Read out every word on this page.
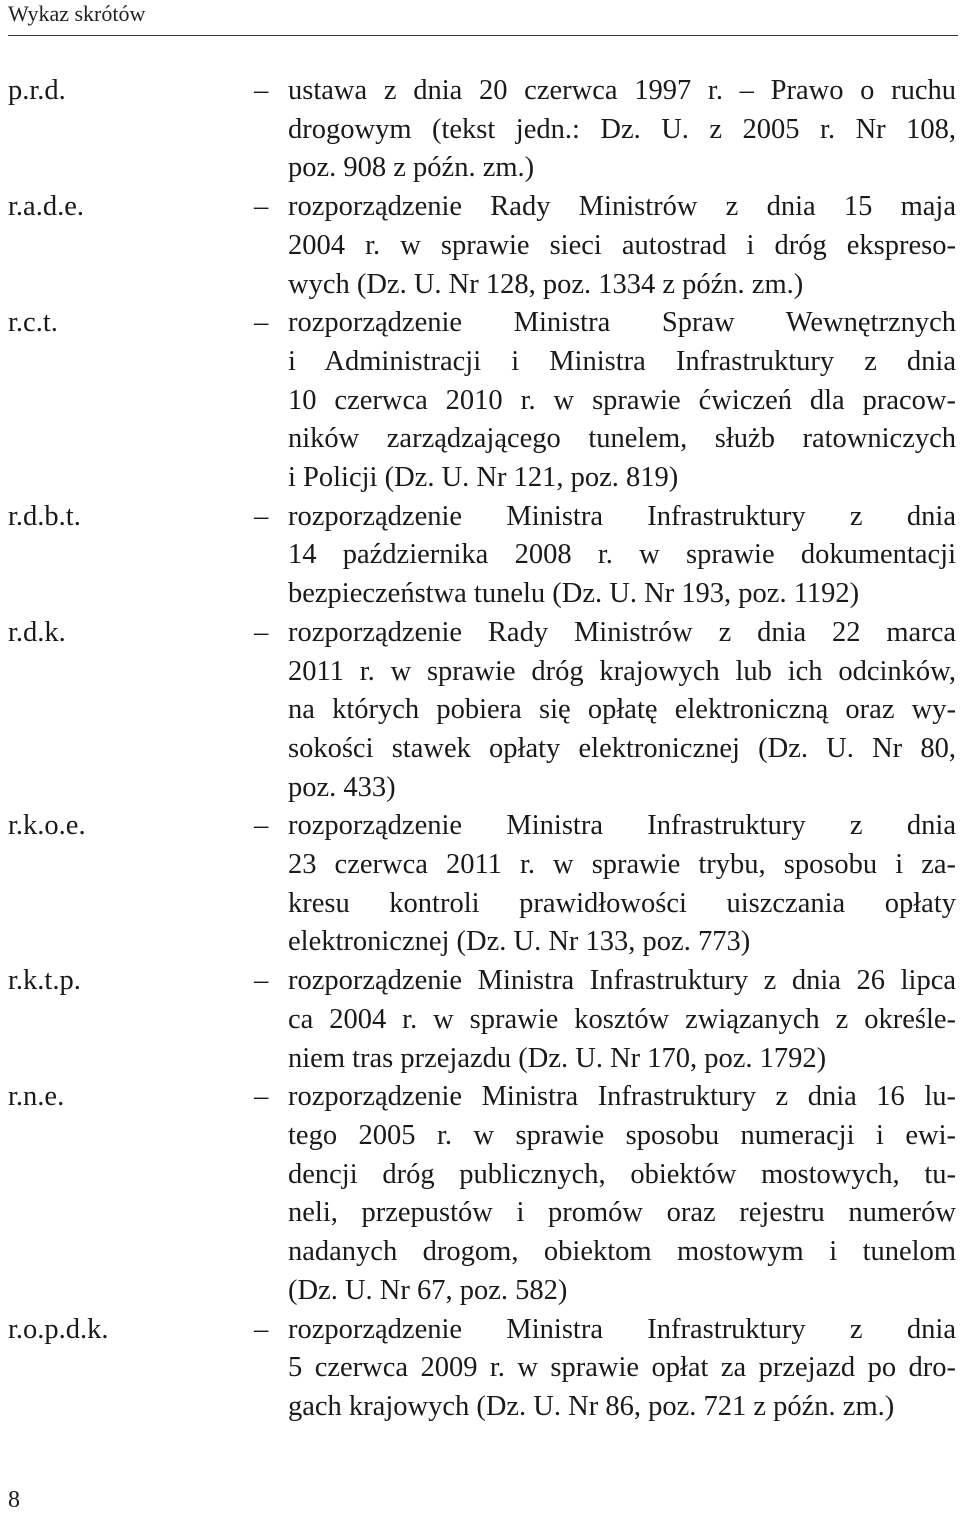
Wykaz skrótów
p.r.d.	– ustawa z dnia 20 czerwca 1997 r. – Prawo o ruchu
drogowym (tekst jedn.: Dz. U. z 2005 r. Nr 108,
poz. 908 z późn. zm.)
r.a.d.e.	– rozporządzenie Rady Ministrów z dnia 15 maja
2004 r. w sprawie sieci autostrad i dróg ekspreso-
wych (Dz. U. Nr 128, poz. 1334 z późn. zm.)
r.c.t.	– rozporządzenie Ministra Spraw Wewnętrznych
i Administracji i Ministra Infrastruktury z dnia
10 czerwca 2010 r. w sprawie ćwiczeń dla pracow-
ników zarządzającego tunelem, służb ratowniczych
i Policji (Dz. U. Nr 121, poz. 819)
r.d.b.t.	– rozporządzenie Ministra Infrastruktury z dnia
14 października 2008 r. w sprawie dokumentacji
bezpieczeństwa tunelu (Dz. U. Nr 193, poz. 1192)
r.d.k.	– rozporządzenie Rady Ministrów z dnia 22 marca
2011 r. w sprawie dróg krajowych lub ich odcinków,
na których pobiera się opłatę elektroniczną oraz wy-
sokości stawek opłaty elektronicznej (Dz. U. Nr 80,
poz. 433)
r.k.o.e.	– rozporządzenie Ministra Infrastruktury z dnia
23 czerwca 2011 r. w sprawie trybu, sposobu i za-
kresu kontroli prawidłowości uiszczania opłaty
elektronicznej (Dz. U. Nr 133, poz. 773)
r.k.t.p.	– rozporządzenie Ministra Infrastruktury z dnia 26 lipca
ca 2004 r. w sprawie kosztów związanych z określe-
niem tras przejazdu (Dz. U. Nr 170, poz. 1792)
r.n.e.	– rozporządzenie Ministra Infrastruktury z dnia 16 lu-
tego 2005 r. w sprawie sposobu numeracji i ewi-
dencji dróg publicznych, obiektów mostowych, tu-
neli, przepustów i promów oraz rejestru numerów
nadanych drogom, obiektom mostowym i tunelom
(Dz. U. Nr 67, poz. 582)
r.o.p.d.k.	– rozporządzenie Ministra Infrastruktury z dnia
5 czerwca 2009 r. w sprawie opłat za przejazd po dro-
gach krajowych (Dz. U. Nr 86, poz. 721 z późn. zm.)
8
